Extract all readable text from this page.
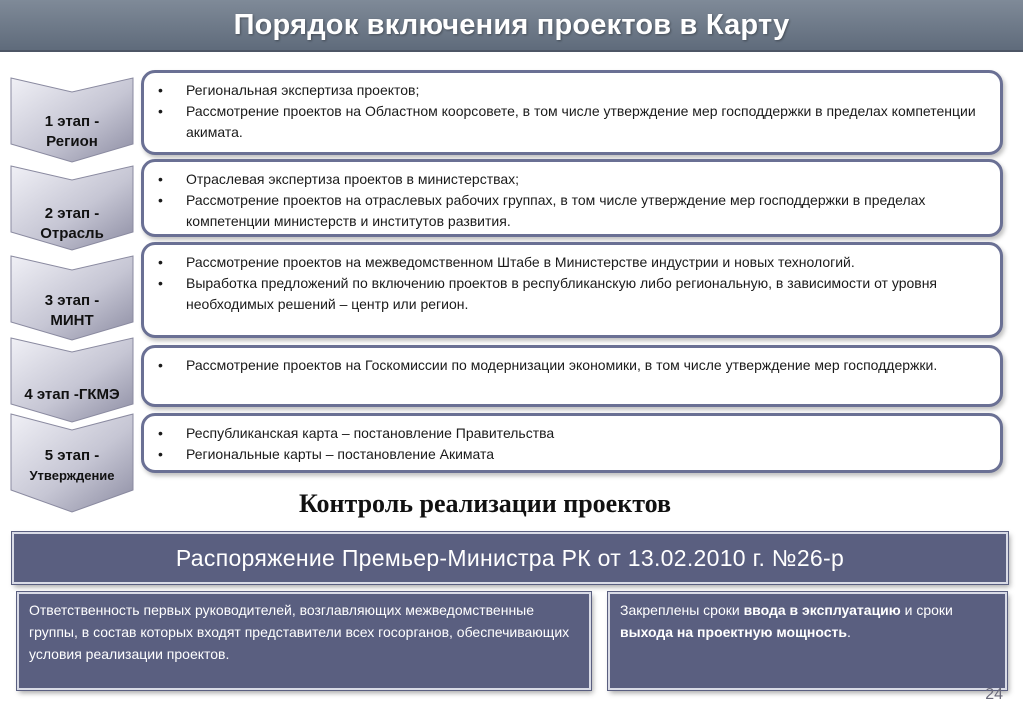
Порядок включения проектов в Карту
1 этап -
Регион
2 этап -
Отрасль
3 этап -
МИНТ
4 этап -ГКМЭ
5 этап -
Утверждение
• Региональная экспертиза проектов;
• Рассмотрение проектов на Областном коорсовете, в том числе утверждение мер господдержки в пределах компетенции акимата.
• Отраслевая экспертиза проектов в министерствах;
• Рассмотрение проектов на отраслевых рабочих группах, в том числе утверждение мер господдержки в пределах компетенции министерств и институтов развития.
• Рассмотрение проектов на межведомственном Штабе в Министерстве индустрии и новых технологий.
• Выработка предложений по включению проектов в республиканскую либо региональную, в зависимости от уровня необходимых решений – центр или регион.
• Рассмотрение проектов на Госкомиссии по модернизации экономики, в том числе утверждение мер господдержки.
• Республиканская карта – постановление Правительства
• Региональные карты – постановление Акимата
Контроль реализации проектов
Распоряжение Премьер-Министра РК от 13.02.2010 г. №26-р
Ответственность первых руководителей, возглавляющих межведомственные группы, в состав которых входят представители всех госорганов, обеспечивающих условия реализации проектов.
Закреплены сроки ввода в эксплуатацию и сроки выхода на проектную мощность.
24
